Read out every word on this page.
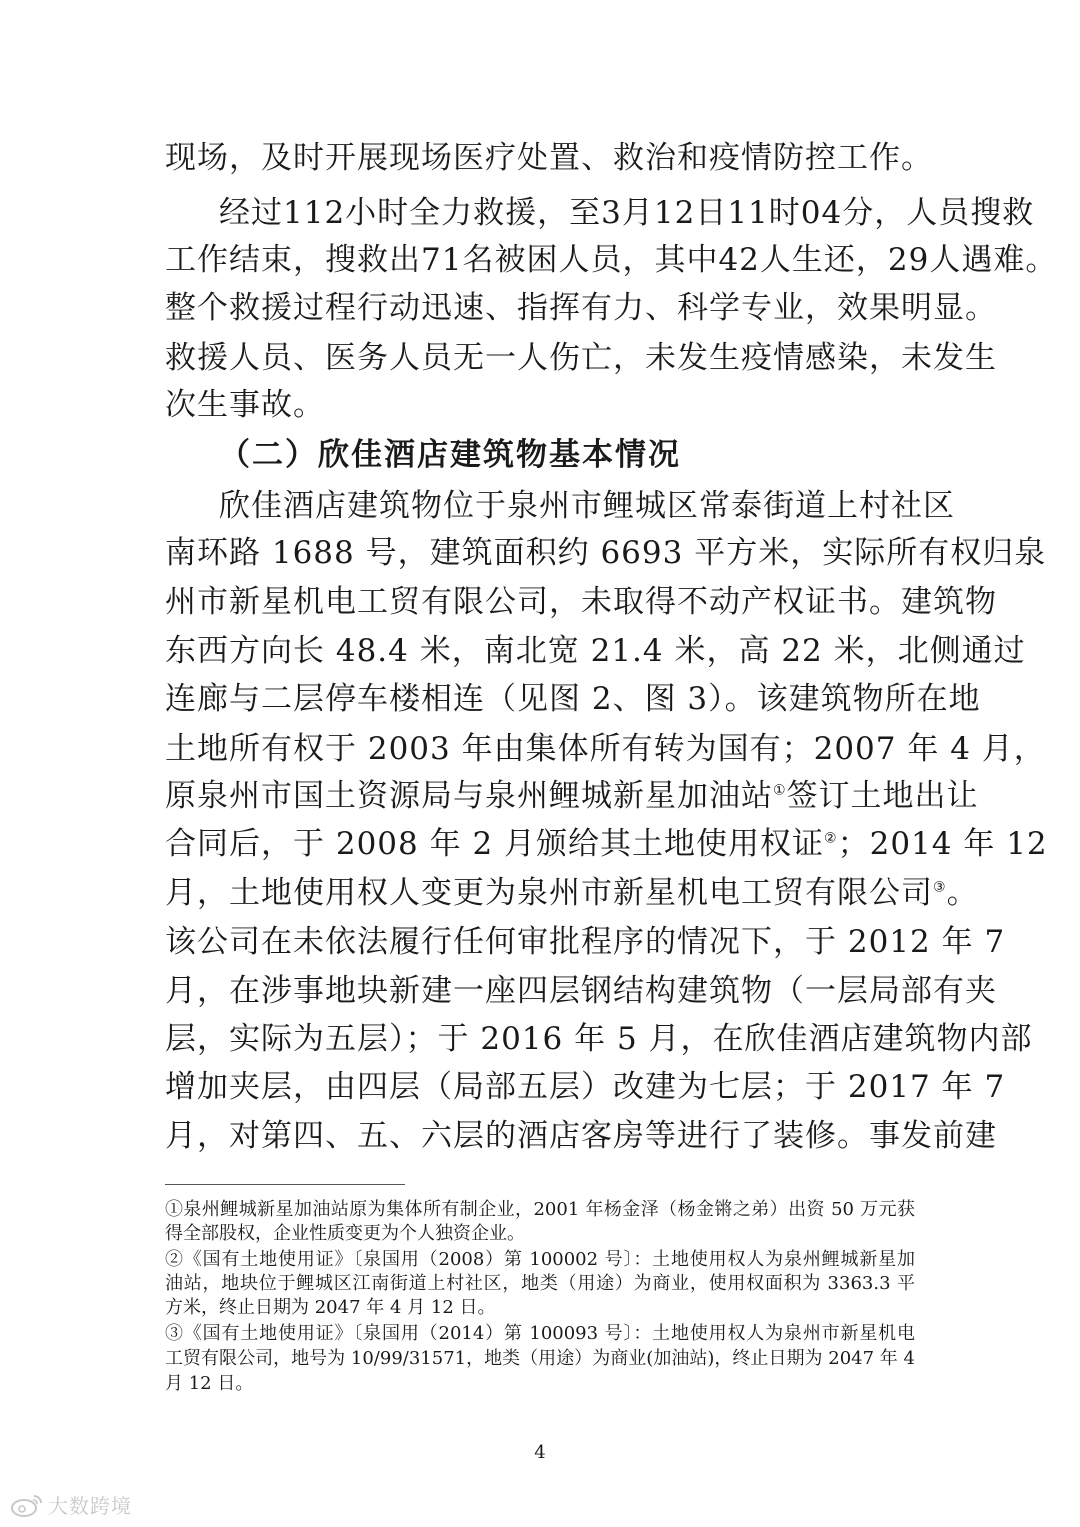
现场，及时开展现场医疗处置、救治和疫情防控工作。
经过112小时全力救援，至3月12日11时04分，人员搜救
工作结束，搜救出71名被困人员，其中42人生还，29人遇难。
整个救援过程行动迅速、指挥有力、科学专业，效果明显。
救援人员、医务人员无一人伤亡，未发生疫情感染，未发生
次生事故。
（二）欣佳酒店建筑物基本情况
欣佳酒店建筑物位于泉州市鲤城区常泰街道上村社区
南环路 1688 号，建筑面积约 6693 平方米，实际所有权归泉
州市新星机电工贸有限公司，未取得不动产权证书。建筑物
东西方向长 48.4 米，南北宽 21.4 米，高 22 米，北侧通过
连廊与二层停车楼相连（见图 2、图 3）。该建筑物所在地
土地所有权于 2003 年由集体所有转为国有；2007 年 4 月，
原泉州市国土资源局与泉州鲤城新星加油站①签订土地出让
合同后，于 2008 年 2 月颁给其土地使用权证②；2014 年 12
月，土地使用权人变更为泉州市新星机电工贸有限公司③。
该公司在未依法履行任何审批程序的情况下，于 2012 年 7
月，在涉事地块新建一座四层钢结构建筑物（一层局部有夹
层，实际为五层）；于 2016 年 5 月，在欣佳酒店建筑物内部
增加夹层，由四层（局部五层）改建为七层；于 2017 年 7
月，对第四、五、六层的酒店客房等进行了装修。事发前建
①泉州鲤城新星加油站原为集体所有制企业，2001 年杨金泽（杨金锵之弟）出资 50 万元获
得全部股权，企业性质变更为个人独资企业。
②《国有土地使用证》〔泉国用（2008）第 100002 号〕：土地使用权人为泉州鲤城新星加
油站，地块位于鲤城区江南街道上村社区，地类（用途）为商业，使用权面积为 3363.3 平
方米，终止日期为 2047 年 4 月 12 日。
③《国有土地使用证》〔泉国用（2014）第 100093 号〕：土地使用权人为泉州市新星机电
工贸有限公司，地号为 10/99/31571，地类（用途）为商业(加油站)，终止日期为 2047 年 4
月 12 日。
4
大数跨境
